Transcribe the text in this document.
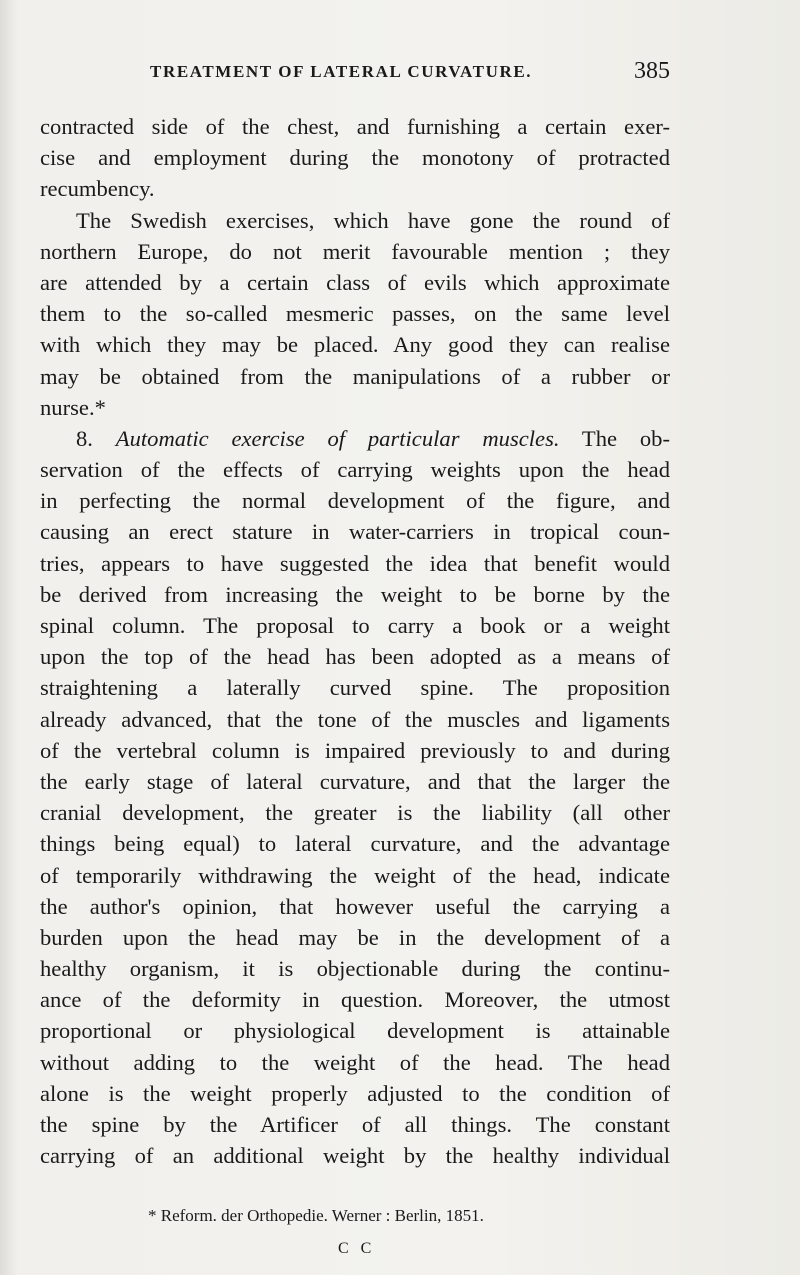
TREATMENT OF LATERAL CURVATURE.	385
contracted side of the chest, and furnishing a certain exer-
cise and employment during the monotony of protracted
recumbency.
The Swedish exercises, which have gone the round of
northern Europe, do not merit favourable mention ; they
are attended by a certain class of evils which approximate
them to the so-called mesmeric passes, on the same level
with which they may be placed. Any good they can realise
may be obtained from the manipulations of a rubber or
nurse.*
8. Automatic exercise of particular muscles. The ob-
servation of the effects of carrying weights upon the head
in perfecting the normal development of the figure, and
causing an erect stature in water-carriers in tropical coun-
tries, appears to have suggested the idea that benefit would
be derived from increasing the weight to be borne by the
spinal column. The proposal to carry a book or a weight
upon the top of the head has been adopted as a means of
straightening a laterally curved spine. The proposition
already advanced, that the tone of the muscles and ligaments
of the vertebral column is impaired previously to and during
the early stage of lateral curvature, and that the larger the
cranial development, the greater is the liability (all other
things being equal) to lateral curvature, and the advantage
of temporarily withdrawing the weight of the head, indicate
the author's opinion, that however useful the carrying a
burden upon the head may be in the development of a
healthy organism, it is objectionable during the continu-
ance of the deformity in question. Moreover, the utmost
proportional or physiological development is attainable
without adding to the weight of the head. The head
alone is the weight properly adjusted to the condition of
the spine by the Artificer of all things. The constant
carrying of an additional weight by the healthy individual
* Reform. der Orthopedie. Werner : Berlin, 1851.
C C
